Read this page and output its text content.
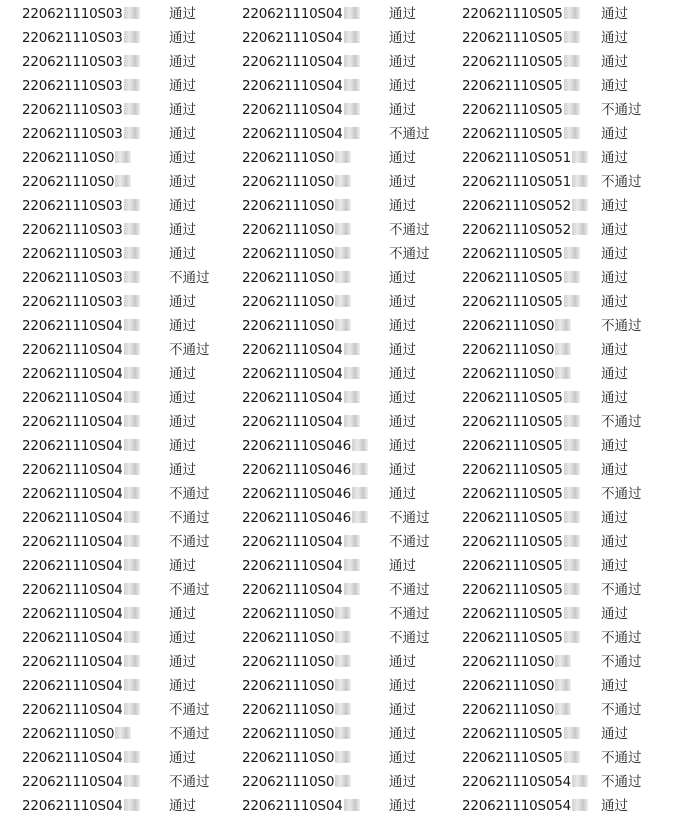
220621110S03	通过	220621110S04	通过	220621110S05	通过
220621110S03	通过	220621110S04	通过	220621110S05	通过
220621110S03	通过	220621110S04	通过	220621110S05	通过
220621110S03	通过	220621110S04	通过	220621110S05	通过
220621110S03	通过	220621110S04	通过	220621110S05	不通过
220621110S03	通过	220621110S04	不通过 220621110S05	通过
220621110S0	通过	220621110S0	通过	220621110S051	通过
220621110S0	通过	220621110S0	通过	220621110S051	不通过
220621110S03	通过	220621110S0	通过	220621110S052	通过
220621110S03	通过	220621110S0	不通过 220621110S052	通过
220621110S03	通过	220621110S0	不通过 220621110S05	通过
220621110S03	不通过 220621110S0	通过	220621110S05	通过
220621110S03	通过	220621110S0	通过	220621110S05	通过
220621110S04	通过	220621110S0	通过	220621110S0	不通过
220621110S04	不通过 220621110S04	通过	220621110S0	通过
220621110S04	通过	220621110S04	通过	220621110S0	通过
220621110S04	通过	220621110S04	通过	220621110S05	通过
220621110S04	通过	220621110S04	通过	220621110S05	不通过
220621110S04	通过	220621110S046	通过	220621110S05	通过
220621110S04	通过	220621110S046	通过	220621110S05	通过
220621110S04	不通过 220621110S046	通过	220621110S05	不通过
220621110S04	不通过 220621110S046	不通过 220621110S05	通过
220621110S04	不通过 220621110S04	不通过 220621110S05	通过
220621110S04	通过	220621110S04	通过	220621110S05	通过
220621110S04	不通过 220621110S04	不通过 220621110S05	不通过
220621110S04	通过	220621110S0	不通过 220621110S05	通过
220621110S04	通过	220621110S0	不通过 220621110S05	不通过
220621110S04	通过	220621110S0	通过	220621110S0	不通过
220621110S04	通过	220621110S0	通过	220621110S0	通过
220621110S04	不通过 220621110S0	通过	220621110S0	不通过
220621110S0	不通过 220621110S0	通过	220621110S05	通过
220621110S04	通过	220621110S0	通过	220621110S05	不通过
220621110S04	不通过 220621110S0	通过	220621110S054	不通过
220621110S04	通过	220621110S04	通过	220621110S054	通过
